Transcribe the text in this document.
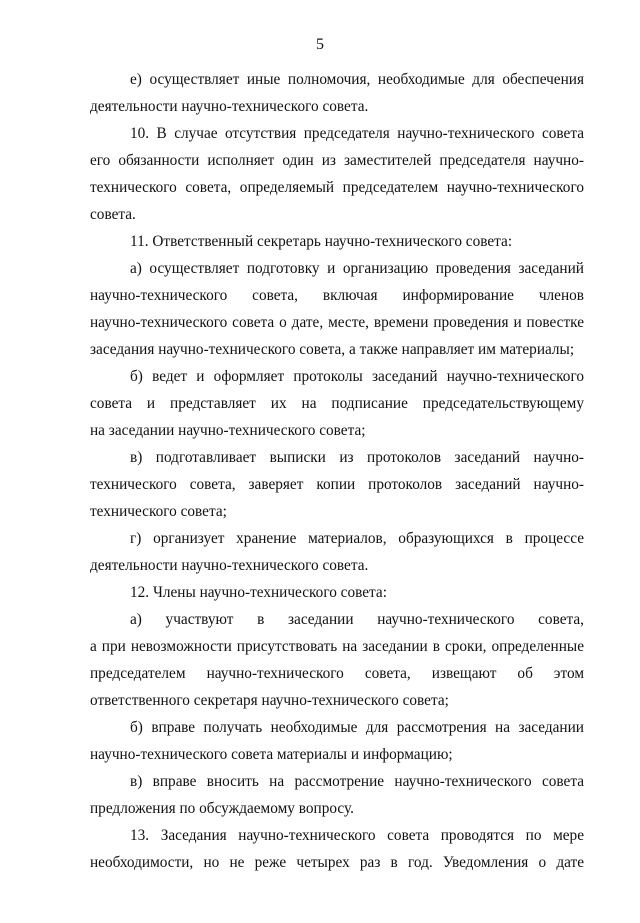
5
е) осуществляет иные полномочия, необходимые для обеспечения
деятельности научно-технического совета.
10. В случае отсутствия председателя научно-технического совета
его обязанности исполняет один из заместителей председателя научно-
технического совета, определяемый председателем научно-технического
совета.
11. Ответственный секретарь научно-технического совета:
а) осуществляет подготовку и организацию проведения заседаний
научно-технического совета, включая информирование членов
научно-технического совета о дате, месте, времени проведения и повестке
заседания научно-технического совета, а также направляет им материалы;
б) ведет и оформляет протоколы заседаний научно-технического
совета и представляет их на подписание председательствующему
на заседании научно-технического совета;
в) подготавливает выписки из протоколов заседаний научно-
технического совета, заверяет копии протоколов заседаний научно-
технического совета;
г) организует хранение материалов, образующихся в процессе
деятельности научно-технического совета.
12. Члены научно-технического совета:
а) участвуют в заседании научно-технического совета,
а при невозможности присутствовать на заседании в сроки, определенные
председателем научно-технического совета, извещают об этом
ответственного секретаря научно-технического совета;
б) вправе получать необходимые для рассмотрения на заседании
научно-технического совета материалы и информацию;
в) вправе вносить на рассмотрение научно-технического совета
предложения по обсуждаемому вопросу.
13. Заседания научно-технического совета проводятся по мере
необходимости, но не реже четырех раз в год. Уведомления о дате
